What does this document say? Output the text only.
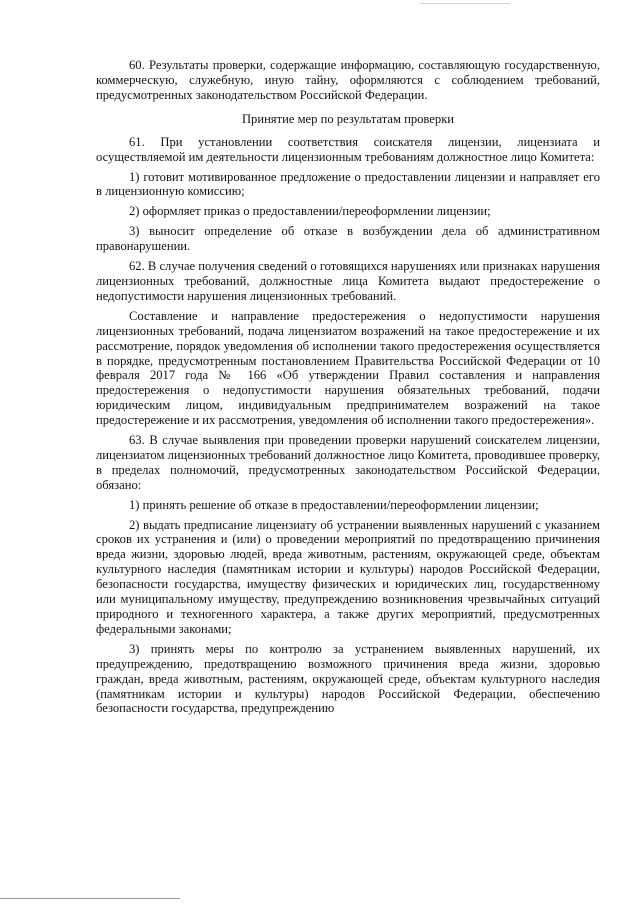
60. Результаты проверки, содержащие информацию, составляющую государственную, коммерческую, служебную, иную тайну, оформляются с соблюдением требований, предусмотренных законодательством Российской Федерации.

Принятие мер по результатам проверки

61. При установлении соответствия соискателя лицензии, лицензиата и осуществляемой им деятельности лицензионным требованиям должностное лицо Комитета:

1) готовит мотивированное предложение о предоставлении лицензии и направляет его в лицензионную комиссию;

2) оформляет приказ о предоставлении/переоформлении лицензии;

3) выносит определение об отказе в возбуждении дела об административном правонарушении.

62. В случае получения сведений о готовящихся нарушениях или признаках нарушения лицензионных требований, должностные лица Комитета выдают предостережение о недопустимости нарушения лицензионных требований.

Составление и направление предостережения о недопустимости нарушения лицензионных требований, подача лицензиатом возражений на такое предостережение и их рассмотрение, порядок уведомления об исполнении такого предостережения осуществляется в порядке, предусмотренным постановлением Правительства Российской Федерации от 10 февраля 2017 года № 166 «Об утверждении Правил составления и направления предостережения о недопустимости нарушения обязательных требований, подачи юридическим лицом, индивидуальным предпринимателем возражений на такое предостережение и их рассмотрения, уведомления об исполнении такого предостережения».

63. В случае выявления при проведении проверки нарушений соискателем лицензии, лицензиатом лицензионных требований должностное лицо Комитета, проводившее проверку, в пределах полномочий, предусмотренных законодательством Российской Федерации, обязано:

1) принять решение об отказе в предоставлении/переоформлении лицензии;

2) выдать предписание лицензиату об устранении выявленных нарушений с указанием сроков их устранения и (или) о проведении мероприятий по предотвращению причинения вреда жизни, здоровью людей, вреда животным, растениям, окружающей среде, объектам культурного наследия (памятникам истории и культуры) народов Российской Федерации, безопасности государства, имуществу физических и юридических лиц, государственному или муниципальному имуществу, предупреждению возникновения чрезвычайных ситуаций природного и техногенного характера, а также других мероприятий, предусмотренных федеральными законами;

3) принять меры по контролю за устранением выявленных нарушений, их предупреждению, предотвращению возможного причинения вреда жизни, здоровью граждан, вреда животным, растениям, окружающей среде, объектам культурного наследия (памятникам истории и культуры) народов Российской Федерации, обеспечению безопасности государства, предупреждению
